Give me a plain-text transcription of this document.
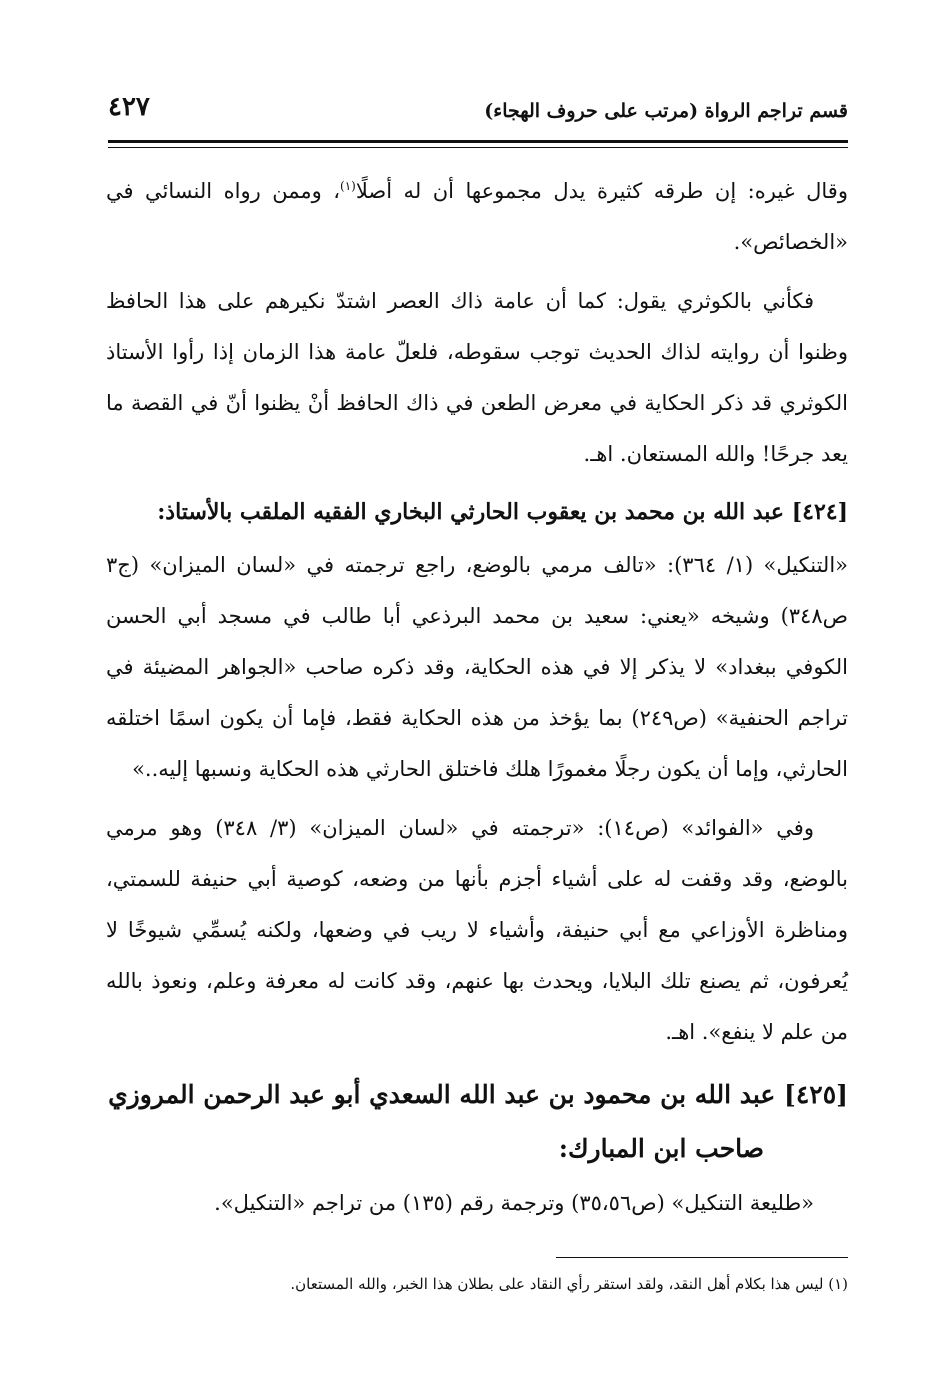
قسم تراجم الرواة (مرتب على حروف الهجاء)
٤٢٧

وقال غيره: إن طرقه كثيرة يدل مجموعها أن له أصلًا$^{(١)}$، وممن رواه النسائي في «الخصائص».

فكأني بالكوثري يقول: كما أن عامة ذاك العصر اشتدّ نكيرهم على هذا الحافظ وظنوا أن روايته لذاك الحديث توجب سقوطه، فلعلّ عامة هذا الزمان إذا رأوا الأستاذ الكوثري قد ذكر الحكاية في معرض الطعن في ذاك الحافظ أنْ يظنوا أنّ في القصة ما يعد جرحًا! والله المستعان. اهـ.

[٤٢٤] عبد الله بن محمد بن يعقوب الحارثي البخاري الفقيه الملقب بالأستاذ:

«التنكيل» (١/ ٣٦٤): «تالف مرمي بالوضع، راجع ترجمته في «لسان الميزان» (ج٣ ص٣٤٨) وشيخه «يعني: سعيد بن محمد البرذعي أبا طالب في مسجد أبي الحسن الكوفي ببغداد» لا يذكر إلا في هذه الحكاية، وقد ذكره صاحب «الجواهر المضيئة في تراجم الحنفية» (ص٢٤٩) بما يؤخذ من هذه الحكاية فقط، فإما أن يكون اسمًا اختلقه الحارثي، وإما أن يكون رجلًا مغمورًا هلك فاختلق الحارثي هذه الحكاية ونسبها إليه..»

وفي «الفوائد» (ص١٤): «ترجمته في «لسان الميزان» (٣/ ٣٤٨) وهو مرمي بالوضع، وقد وقفت له على أشياء أجزم بأنها من وضعه، كوصية أبي حنيفة للسمتي، ومناظرة الأوزاعي مع أبي حنيفة، وأشياء لا ريب في وضعها، ولكنه يُسمِّي شيوخًا لا يُعرفون، ثم يصنع تلك البلايا، ويحدث بها عنهم، وقد كانت له معرفة وعلم، ونعوذ بالله من علم لا ينفع». اهـ.

[٤٢٥] عبد الله بن محمود بن عبد الله السعدي أبو عبد الرحمن المروزي
صاحب ابن المبارك:

«طليعة التنكيل» (ص٣٥،٥٦) وترجمة رقم (١٣٥) من تراجم «التنكيل».

(١) ليس هذا بكلام أهل النقد، ولقد استقر رأي النقاد على بطلان هذا الخبر، والله المستعان.
